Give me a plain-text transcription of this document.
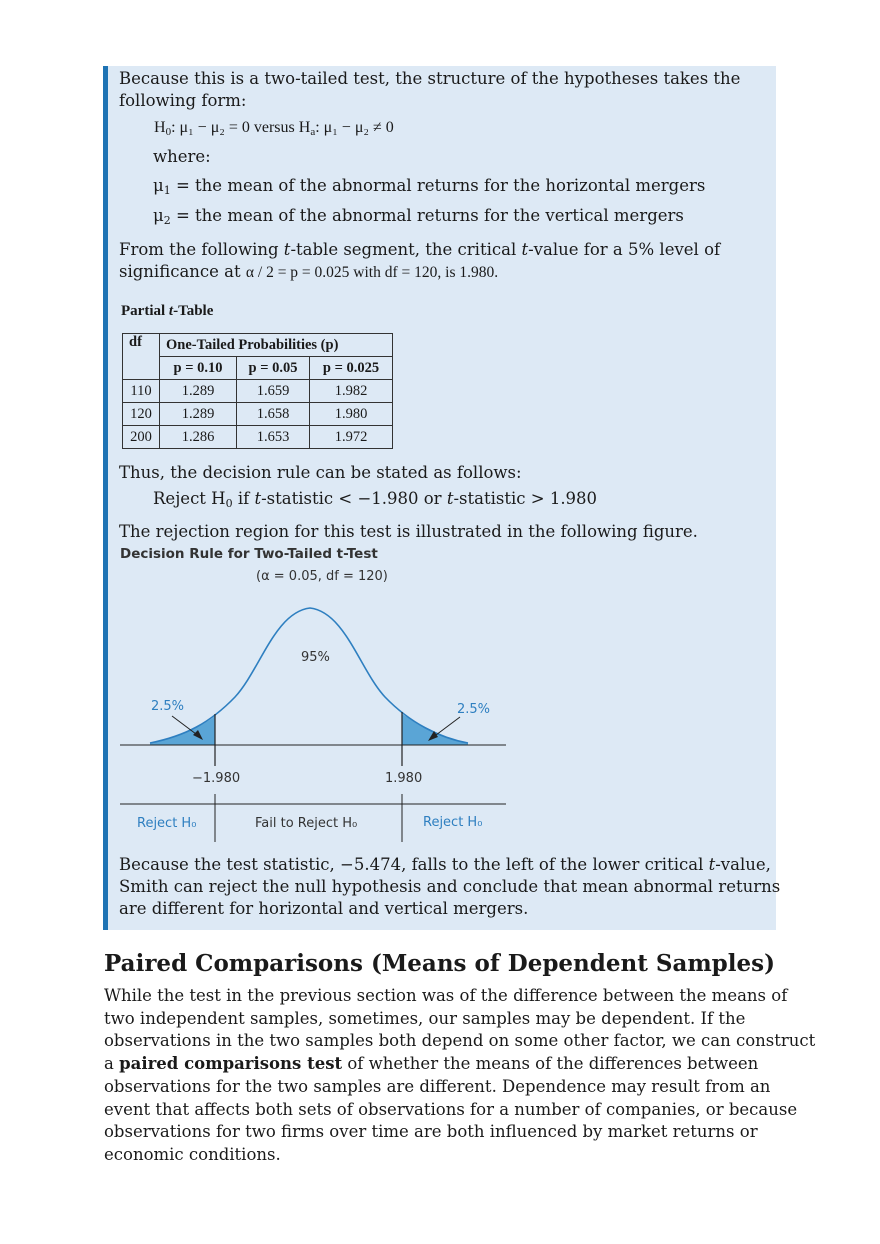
Because this is a two-tailed test, the structure of the hypotheses takes the
following form:
$H_0$: μ₁ − μ₂ = 0 versus $H_a$: μ₁ − μ₂ ≠ 0
where:
$\mu_1$ = the mean of the abnormal returns for the horizontal mergers
$\mu_2$ = the mean of the abnormal returns for the vertical mergers
From the following t-table segment, the critical t-value for a 5% level of
significance at α / 2 = p = 0.025 with df = 120, is 1.980.
Partial t-Table
df	One-Tailed Probabilities (p)		
	p = 0.10	p = 0.05	p = 0.025
110	1.289	1.659	1.982
120	1.289	1.658	1.980
200	1.286	1.653	1.972
Thus, the decision rule can be stated as follows:
Reject $H_0$ if t-statistic < −1.980 or t-statistic > 1.980
The rejection region for this test is illustrated in the following figure.
Decision Rule for Two-Tailed t-Test
(α = 0.05, df = 120)
95%
2.5%	2.5%
−1.980	1.980
Reject H₀	Fail to Reject H₀	Reject H₀
Because the test statistic, −5.474, falls to the left of the lower critical t-value,
Smith can reject the null hypothesis and conclude that mean abnormal returns
are different for horizontal and vertical mergers.
Paired Comparisons (Means of Dependent Samples)

While the test in the previous section was of the difference between the means of

two independent samples, sometimes, our samples may be dependent. If the

observations in the two samples both depend on some other factor, we can construct

a paired comparisons test of whether the means of the differences between

observations for the two samples are different. Dependence may result from an

event that affects both sets of observations for a number of companies, or because

observations for two firms over time are both influenced by market returns or

economic conditions.
